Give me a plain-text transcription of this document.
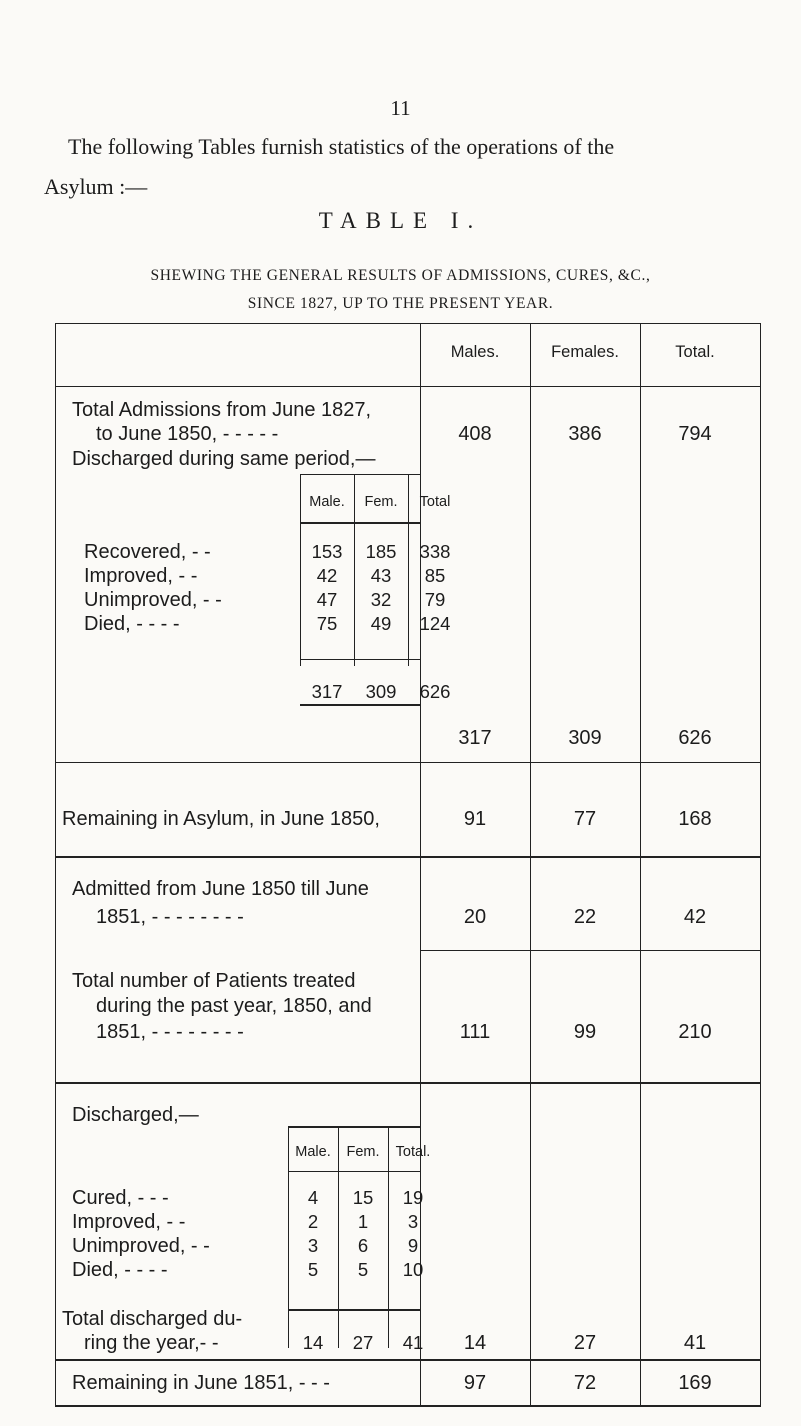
11
The following Tables furnish statistics of the operations of the
Asylum :—
TABLE I.
SHEWING THE GENERAL RESULTS OF ADMISSIONS, CURES, &C.,
SINCE 1827, UP TO THE PRESENT YEAR.
Males.	Females.	Total.
Total Admissions from June 1827,
to June 1850, - - - - -	408	386	794
Discharged during same period,—
Male.	Fem.	Total
Recovered, - -	153	185	338
Improved, - -	42	43	85
Unimproved, - -	47	32	79
Died, - - - -	75	49	124
317	309	626
317	309	626
Remaining in Asylum, in June 1850,	91	77	168
Admitted from June 1850 till June
1851, - - - - - - - -	20	22	42
Total number of Patients treated
during the past year, 1850, and
1851, - - - - - - - -	111	99	210
Discharged,—
Male.	Fem.	Total.
Cured, - - -	4	15	19
Improved, - -	2	1	3
Unimproved, - -	3	6	9
Died, - - - -	5	5	10
Total discharged du-
ring the year,- -	14	27	41	14	27	41
Remaining in June 1851, - - -	97	72	169
